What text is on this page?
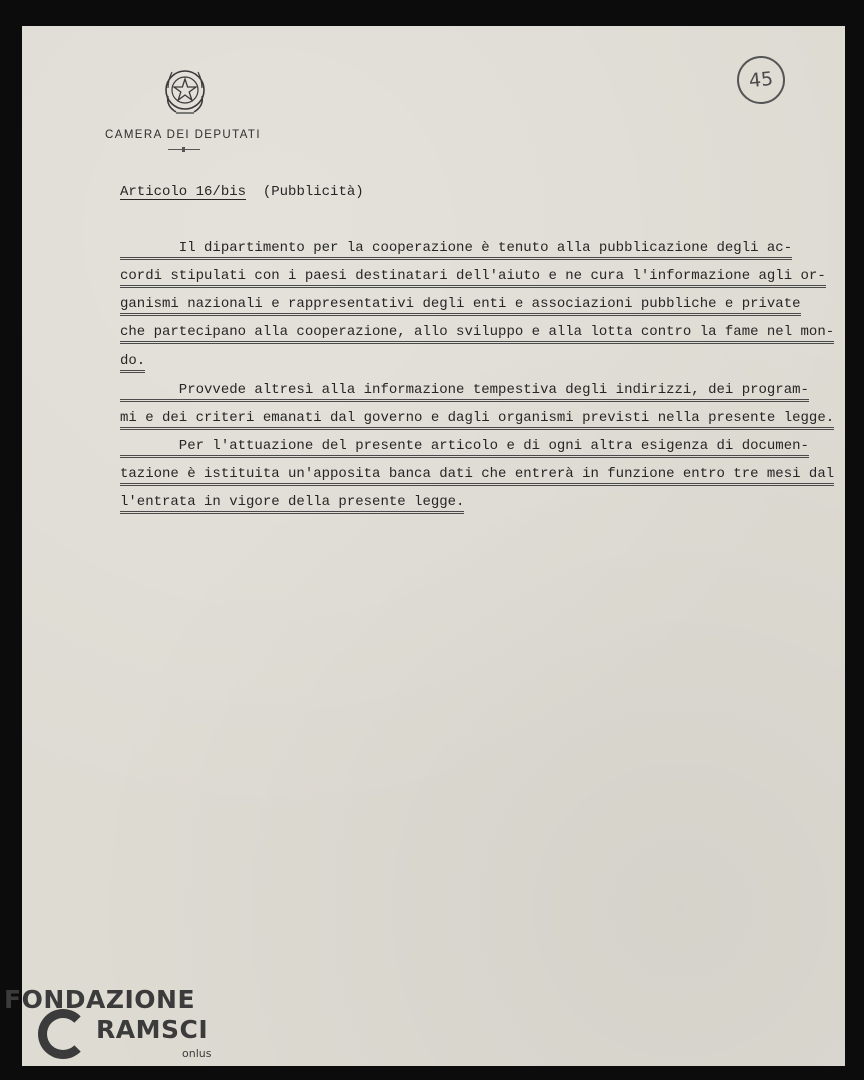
CAMERA DEI DEPUTATI
45
Articolo 16/bis (Pubblicità)
Il dipartimento per la cooperazione è tenuto alla pubblicazione degli ac-
cordi stipulati con i paesi destinatari dell'aiuto e ne cura l'informazione agli or-
ganismi nazionali e rappresentativi degli enti e associazioni pubbliche e private
che partecipano alla cooperazione, allo sviluppo e alla lotta contro la fame nel mon-
do.
Provvede altresì alla informazione tempestiva degli indirizzi, dei program-
mi e dei criteri emanati dal governo e dagli organismi previsti nella presente legge.
Per l'attuazione del presente articolo e di ogni altra esigenza di documen-
tazione è istituita un'apposita banca dati che entrerà in funzione entro tre mesi dal
l'entrata in vigore della presente legge.
FONDAZIONE
RAMSCI
onlus
